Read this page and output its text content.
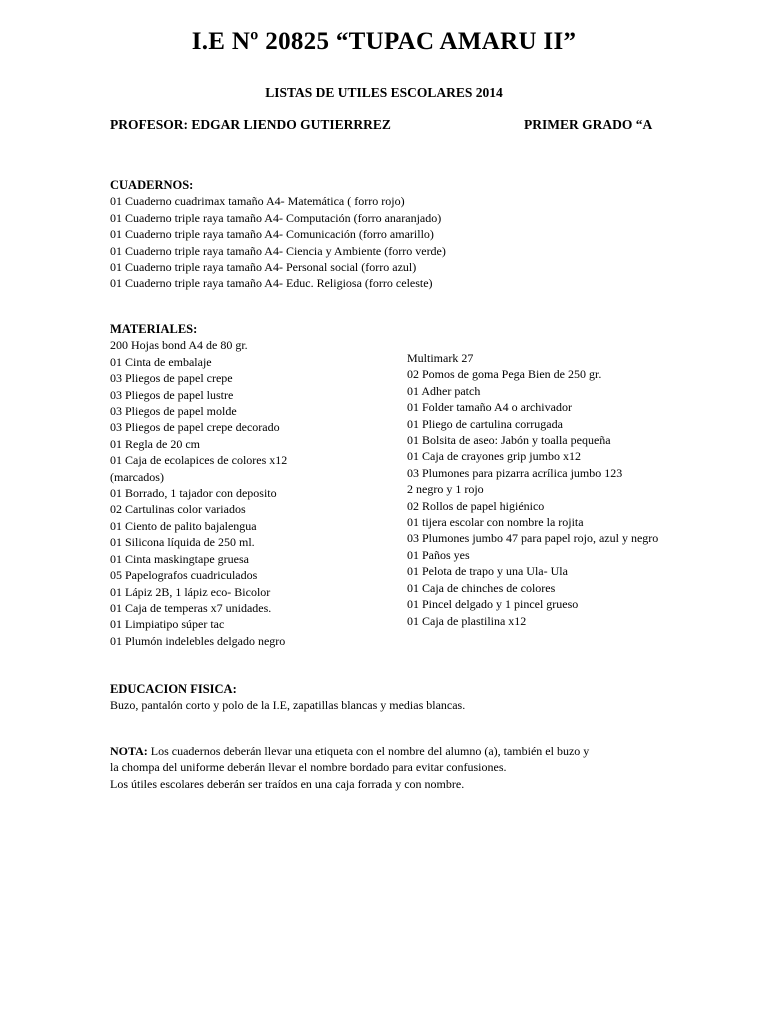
I.E Nº 20825 “TUPAC AMARU II”
LISTAS DE UTILES ESCOLARES 2014
PROFESOR: EDGAR LIENDO GUTIERRREZ	PRIMER GRADO “A
CUADERNOS:
01 Cuaderno cuadrimax tamaño A4- Matemática ( forro rojo)
01 Cuaderno triple raya tamaño A4- Computación (forro anaranjado)
01 Cuaderno triple raya tamaño A4- Comunicación (forro amarillo)
01 Cuaderno triple raya tamaño A4- Ciencia y Ambiente (forro verde)
01 Cuaderno triple raya tamaño A4- Personal social (forro azul)
01 Cuaderno triple raya tamaño A4- Educ. Religiosa (forro celeste)
MATERIALES:
200 Hojas bond A4 de 80 gr.
01 Cinta de embalaje
03 Pliegos de papel crepe
03 Pliegos de papel lustre
03 Pliegos de papel molde
03 Pliegos de papel crepe decorado
01 Regla de 20 cm
01 Caja de ecolapices de colores x12
(marcados)
01 Borrado, 1 tajador con deposito
02 Cartulinas color variados
01 Ciento de palito bajalengua
01 Silicona líquida de 250 ml.
01 Cinta maskingtape gruesa
05 Papelografos cuadriculados
01 Lápiz 2B, 1 lápiz eco- Bicolor
01 Caja de temperas x7 unidades.
01 Limpiatipo súper tac
01 Plumón indelebles delgado negro
Multimark 27
02 Pomos de goma Pega Bien de 250 gr.
01 Adher patch
01 Folder tamaño A4 o archivador
01 Pliego de cartulina corrugada
01 Bolsita de aseo: Jabón y toalla pequeña
01 Caja de crayones grip jumbo x12
03 Plumones para pizarra acrílica jumbo 123
2 negro y 1 rojo
02 Rollos de papel higiénico
01 tijera escolar con nombre la rojita
03 Plumones jumbo 47 para papel rojo, azul y negro
01 Paños yes
01 Pelota de trapo y una Ula- Ula
01 Caja de chinches de colores
01 Pincel delgado y 1 pincel grueso
01 Caja de plastilina x12
EDUCACION FISICA:
Buzo, pantalón corto y polo de la I.E, zapatillas blancas y medias blancas.
NOTA: Los cuadernos deberán llevar una etiqueta con el nombre del alumno (a), también el buzo y
la chompa del uniforme deberán llevar el nombre bordado para evitar confusiones.
Los útiles escolares deberán ser traídos en una caja forrada y con nombre.
